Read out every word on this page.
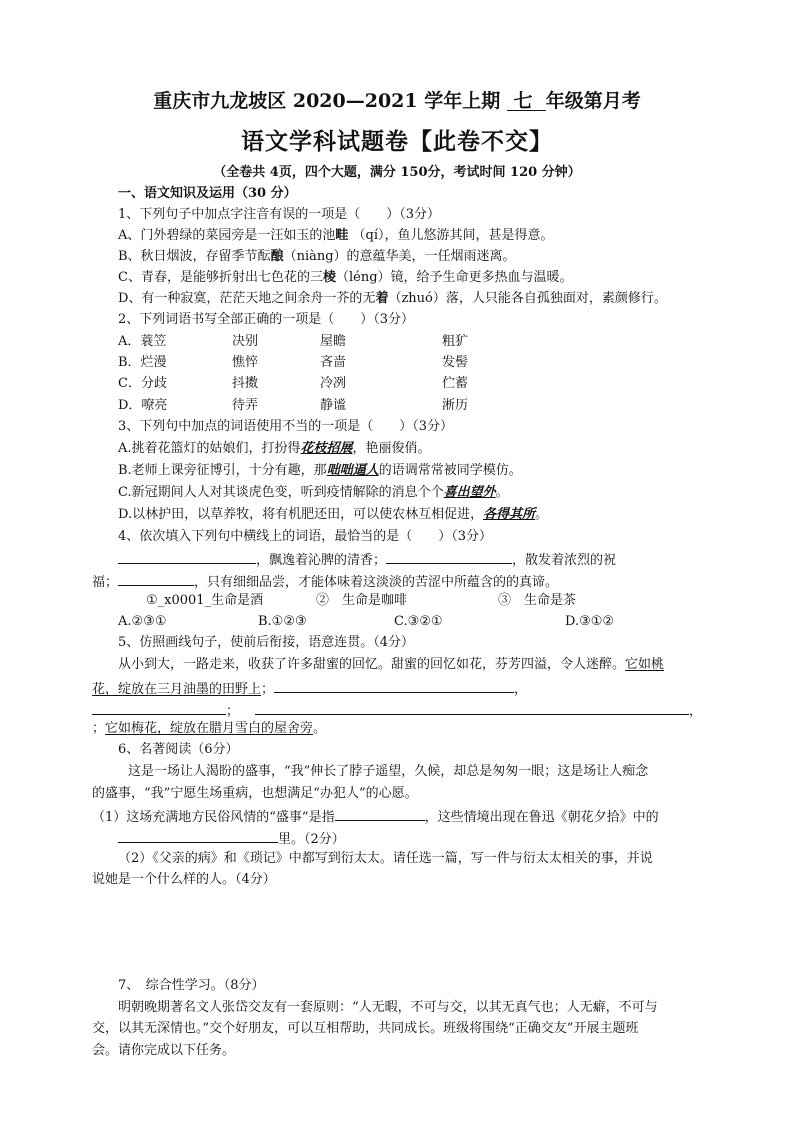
重庆市九龙坡区 2020—2021 学年上期  七 年级第月考
语文学科试题卷【此卷不交】
（全卷共 4页，四个大题，满分 150分，考试时间 120 分钟）
一、语文知识及运用（30 分）
1、下列句子中加点字注音有误的一项是（　　）（3分）
A、门外碧绿的菜园旁是一汪如玉的池畦 （qí），鱼儿悠游其间，甚是得意。
B、秋日烟波，存留季节酝酿（niàng）的意蕴华美，一任烟雨迷离。
C、青春，是能够折射出七色花的三棱（léng）镜，给予生命更多热血与温暖。
D、有一种寂寞，茫茫天地之间余舟一芥的无着（zhuó）落，人只能各自孤独面对，素颜修行。
2、下列词语书写全部正确的一项是（　　）（3分）
A．蓑笠	决别	屋瞻	粗犷
B．烂漫	憔悴	吝啬	发髻
C．分歧	抖擞	冷冽	伫蓄
D．嘹亮	待弄	静谧	淅历
3、下列句中加点的词语使用不当的一项是（　　）（3分）
A.挑着花篮灯的姑娘们，打扮得花枝招展，艳丽俊俏。
B.老师上课旁征博引，十分有趣，那咄咄逼人的语调常常被同学模仿。
C.新冠期间人人对其谈虎色变，听到疫情解除的消息个个喜出望外。
D.以林护田，以草养牧，将有机肥还田，可以使农林互相促进，各得其所。
4、依次填入下列句中横线上的词语，最恰当的是（　　）（3分）
，飘逸着沁脾的清香；	，散发着浓烈的祝
福；	，只有细细品尝，才能体味着这淡淡的苦涩中所蕴含的的真谛。
①_x0001_生命是酒	②　生命是咖啡	③　生命是茶
A.②③①	B.①②③	C.③②①	D.③①②
5、仿照画线句子，使前后衔接，语意连贯。（4分）
从小到大，一路走来，收获了许多甜蜜的回忆。甜蜜的回忆如花，芬芳四溢，令人迷醉。它如桃
花，绽放在三月油墨的田野上；	，
；	，
；它如梅花，绽放在腊月雪白的屋舍旁。
6、名著阅读（6分）
这是一场让人渴盼的盛事，“我”伸长了脖子遥望，久候，却总是匆匆一眼；这是场让人痴念
的盛事，“我”宁愿生场重病，也想满足“办犯人”的心愿。
（1）这场充满地方民俗风情的“盛事”是指	，这些情境出现在鲁迅《朝花夕拾》中的
里。（2分）
（2）《父亲的病》和《琐记》中都写到衍太太。请任选一篇，写一件与衍太太相关的事，并说
说她是一个什么样的人。（4分）
7、　综合性学习。（8分）
明朝晚期著名文人张岱交友有一套原则：“人无暇，不可与交，以其无真气也；人无癖，不可与
交，以其无深情也。”交个好朋友，可以互相帮助，共同成长。班级将围绕“正确交友”开展主题班
会。请你完成以下任务。
